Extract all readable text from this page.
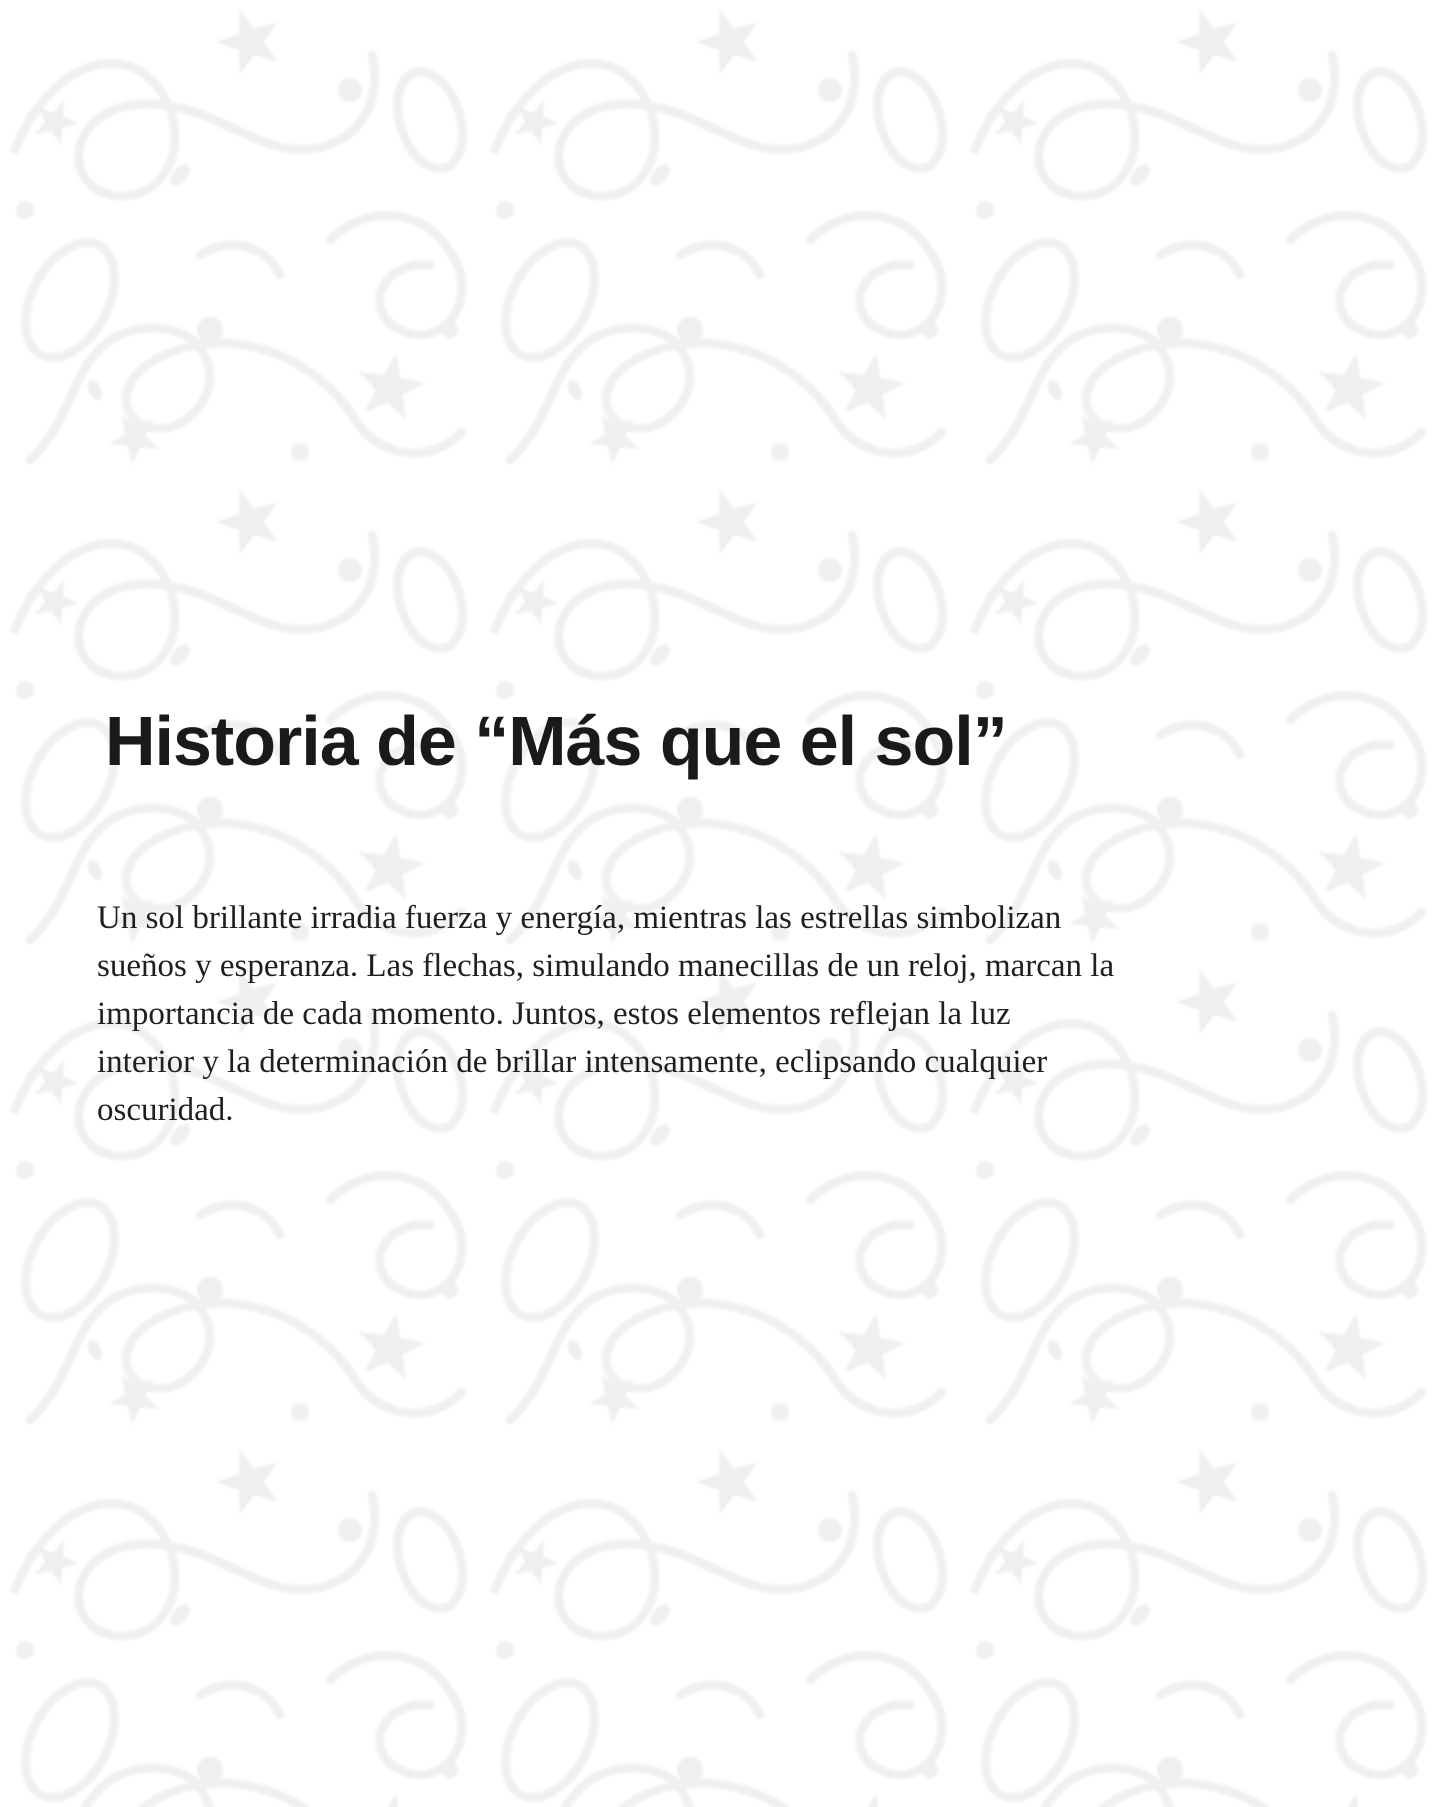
Historia de “Más que el sol”
Un sol brillante irradia fuerza y energía, mientras las estrellas simbolizan
sueños y esperanza. Las flechas, simulando manecillas de un reloj, marcan la
importancia de cada momento. Juntos, estos elementos reflejan la luz
interior y la determinación de brillar intensamente, eclipsando cualquier
oscuridad.
